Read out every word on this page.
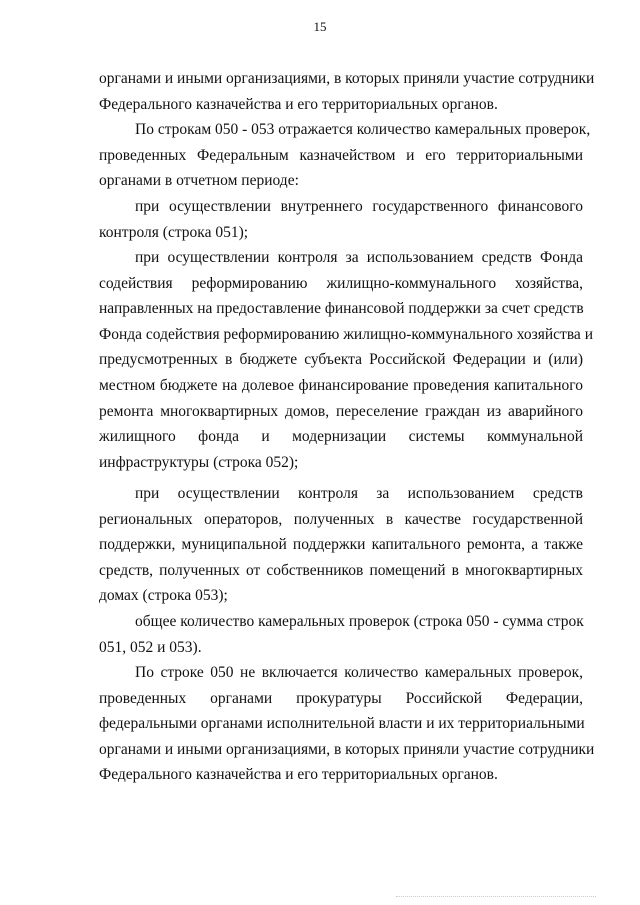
15
органами и иными организациями, в которых приняли участие сотрудники
Федерального казначейства и его территориальных органов.
По строкам 050 - 053 отражается количество камеральных проверок,
проведенных Федеральным казначейством и его территориальными
органами в отчетном периоде:
при осуществлении внутреннего государственного финансового
контроля (строка 051);
при осуществлении контроля за использованием средств Фонда
содействия реформированию жилищно-коммунального хозяйства,
направленных на предоставление финансовой поддержки за счет средств
Фонда содействия реформированию жилищно-коммунального хозяйства и
предусмотренных в бюджете субъекта Российской Федерации и (или)
местном бюджете на долевое финансирование проведения капитального
ремонта многоквартирных домов, переселение граждан из аварийного
жилищного фонда и модернизации системы коммунальной
инфраструктуры (строка 052);
при осуществлении контроля за использованием средств
региональных операторов, полученных в качестве государственной
поддержки, муниципальной поддержки капитального ремонта, а также
средств, полученных от собственников помещений в многоквартирных
домах (строка 053);
общее количество камеральных проверок (строка 050 - сумма строк
051, 052 и 053).
По строке 050 не включается количество камеральных проверок,
проведенных органами прокуратуры Российской Федерации,
федеральными органами исполнительной власти и их территориальными
органами и иными организациями, в которых приняли участие сотрудники
Федерального казначейства и его территориальных органов.
